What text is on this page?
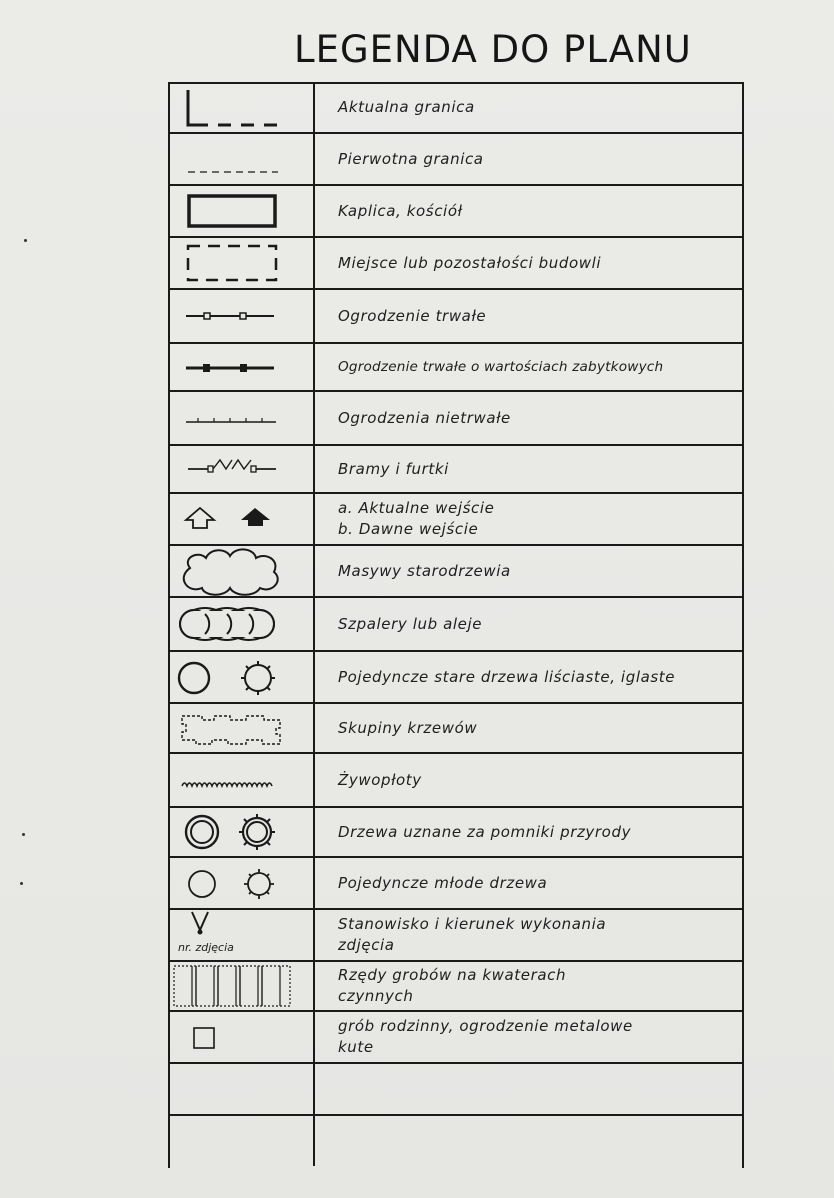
LEGENDA DO PLANU
Aktualna granica
Pierwotna granica
Kaplica, kościół
Miejsce lub pozostałości budowli
Ogrodzenie trwałe
Ogrodzenie trwałe o wartościach zabytkowych
Ogrodzenia nietrwałe
Bramy i furtki
a. Aktualne wejście
b. Dawne wejście
Masywy starodrzewia
Szpalery lub aleje
Pojedyncze stare drzewa liściaste, iglaste
Skupiny krzewów
Żywopłoty
Drzewa uznane za pomniki przyrody
Pojedyncze młode drzewa
nr. zdjęcia
Stanowisko i kierunek wykonania
zdjęcia
Rzędy grobów na kwaterach
czynnych
grób rodzinny, ogrodzenie metalowe
kute
